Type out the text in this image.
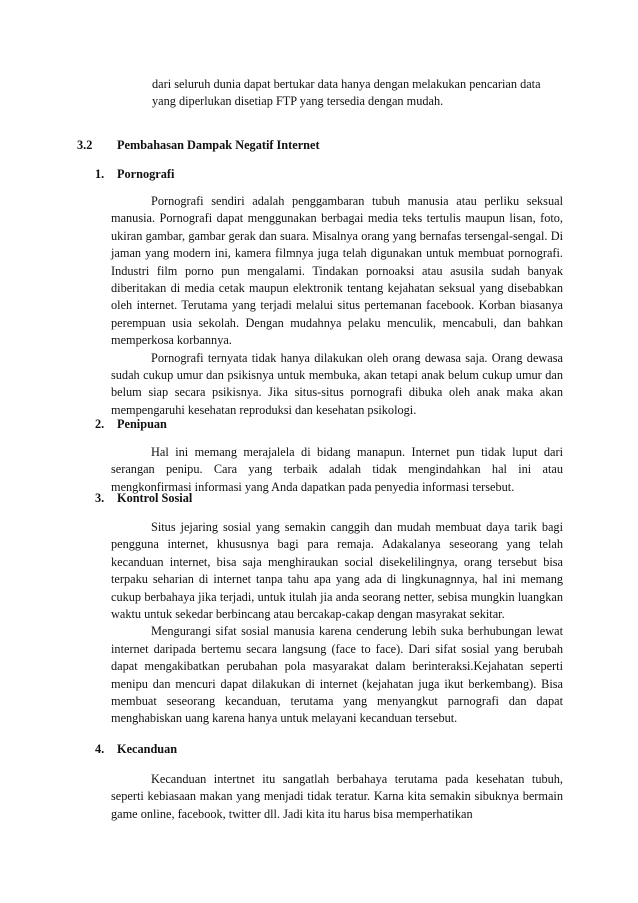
dari seluruh dunia dapat bertukar data hanya dengan melakukan pencarian data yang diperlukan disetiap FTP yang tersedia dengan mudah.

3.2 Pembahasan Dampak Negatif Internet
1. Pornografi

Pornografi sendiri adalah penggambaran tubuh manusia atau perliku seksual manusia. Pornografi dapat menggunakan berbagai media teks tertulis maupun lisan, foto, ukiran gambar, gambar gerak dan suara. Misalnya orang yang bernafas tersengal-sengal. Di jaman yang modern ini, kamera filmnya juga telah digunakan untuk membuat pornografi. Industri film porno pun mengalami. Tindakan pornoaksi atau asusila sudah banyak diberitakan di media cetak maupun elektronik tentang kejahatan seksual yang disebabkan oleh internet. Terutama yang terjadi melalui situs pertemanan facebook. Korban biasanya perempuan usia sekolah. Dengan mudahnya pelaku menculik, mencabuli, dan bahkan memperkosa korbannya.

Pornografi ternyata tidak hanya dilakukan oleh orang dewasa saja. Orang dewasa sudah cukup umur dan psikisnya untuk membuka, akan tetapi anak belum cukup umur dan belum siap secara psikisnya. Jika situs-situs pornografi dibuka oleh anak maka akan mempengaruhi kesehatan reproduksi dan kesehatan psikologi.

2. Penipuan

Hal ini memang merajalela di bidang manapun. Internet pun tidak luput dari serangan penipu. Cara yang terbaik adalah tidak mengindahkan hal ini atau mengkonfirmasi informasi yang Anda dapatkan pada penyedia informasi tersebut.

3. Kontrol Sosial

Situs jejaring sosial yang semakin canggih dan mudah membuat daya tarik bagi pengguna internet, khususnya bagi para remaja. Adakalanya seseorang yang telah kecanduan internet, bisa saja menghiraukan social disekelilingnya, orang tersebut bisa terpaku seharian di internet tanpa tahu apa yang ada di lingkunagnnya, hal ini memang cukup berbahaya jika terjadi, untuk itulah jia anda seorang netter, sebisa mungkin luangkan waktu untuk sekedar berbincang atau bercakap-cakap dengan masyrakat sekitar.

Mengurangi sifat sosial manusia karena cenderung lebih suka berhubungan lewat internet daripada bertemu secara langsung (face to face). Dari sifat sosial yang berubah dapat mengakibatkan perubahan pola masyarakat dalam berinteraksi.Kejahatan seperti menipu dan mencuri dapat dilakukan di internet (kejahatan juga ikut berkembang). Bisa membuat seseorang kecanduan, terutama yang menyangkut parnografi dan dapat menghabiskan uang karena hanya untuk melayani kecanduan tersebut.

4. Kecanduan

Kecanduan intertnet itu sangatlah berbahaya terutama pada kesehatan tubuh, seperti kebiasaan makan yang menjadi tidak teratur. Karna kita semakin sibuknya bermain game online, facebook, twitter dll. Jadi kita itu harus bisa memperhatikan
